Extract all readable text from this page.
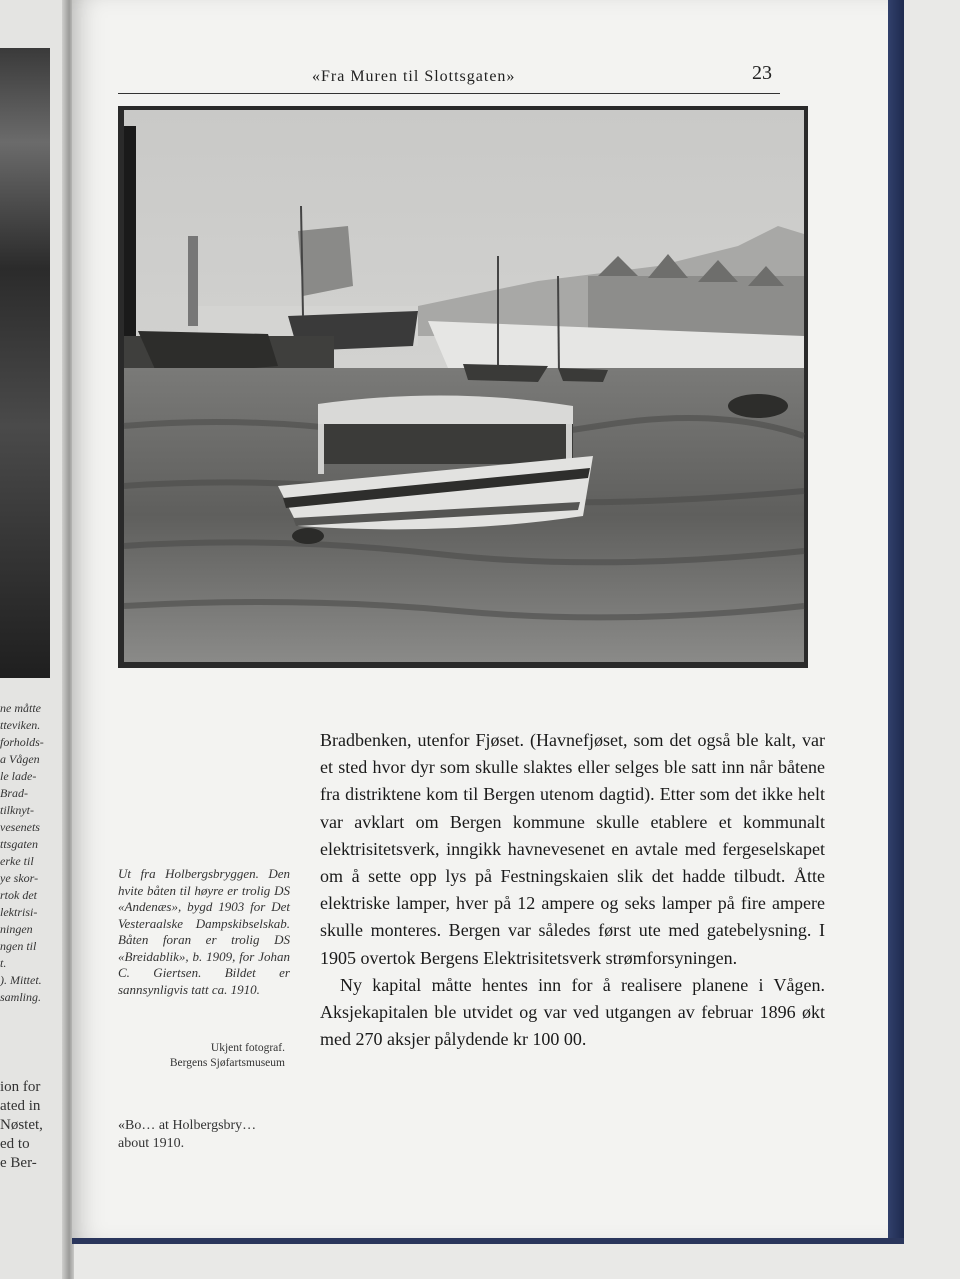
ne måtte
tteviken.
forholds-
a Vågen
le lade-
Brad-
tilknyt-
vesenets
ttsgaten
erke til
ye skor-
rtok det
lektrisi-
ningen
ngen til
t.
). Mittet.
samling.
ion for
ated in
Nøstet,
ed to
e Ber-
«Fra Muren til Slottsgaten»	23
Ut fra Holbergsbryggen. Den hvite båten til høyre er trolig DS «Andenæs», bygd 1903 for Det Vesteraalske Dampskibselskab. Båten foran er trolig DS «Breidablik», b. 1909, for Johan C. Giertsen. Bildet er sannsynligvis tatt ca. 1910.
Ukjent fotograf.
Bergens Sjøfartsmuseum
«Bo… at Holbergsbry… about 1910.

Bradbenken, utenfor Fjøset. (Havnefjøset, som det også ble kalt, var et sted hvor dyr som skulle slaktes eller selges ble satt inn når båtene fra distriktene kom til Bergen utenom dagtid). Etter som det ikke helt var avklart om Bergen kommune skulle etablere et kommunalt elektrisitetsverk, inngikk havnevesenet en avtale med fergeselskapet om å sette opp lys på Festningskaien slik det hadde tilbudt. Åtte elektriske lamper, hver på 12 ampere og seks lamper på fire ampere skulle monteres. Bergen var således først ute med gatebelysning. I 1905 overtok Bergens Elektrisitetsverk strømforsyningen.

Ny kapital måtte hentes inn for å realisere planene i Vågen. Aksjekapitalen ble utvidet og var ved utgangen av februar 1896 økt med 270 aksjer pålydende kr 100 00.
